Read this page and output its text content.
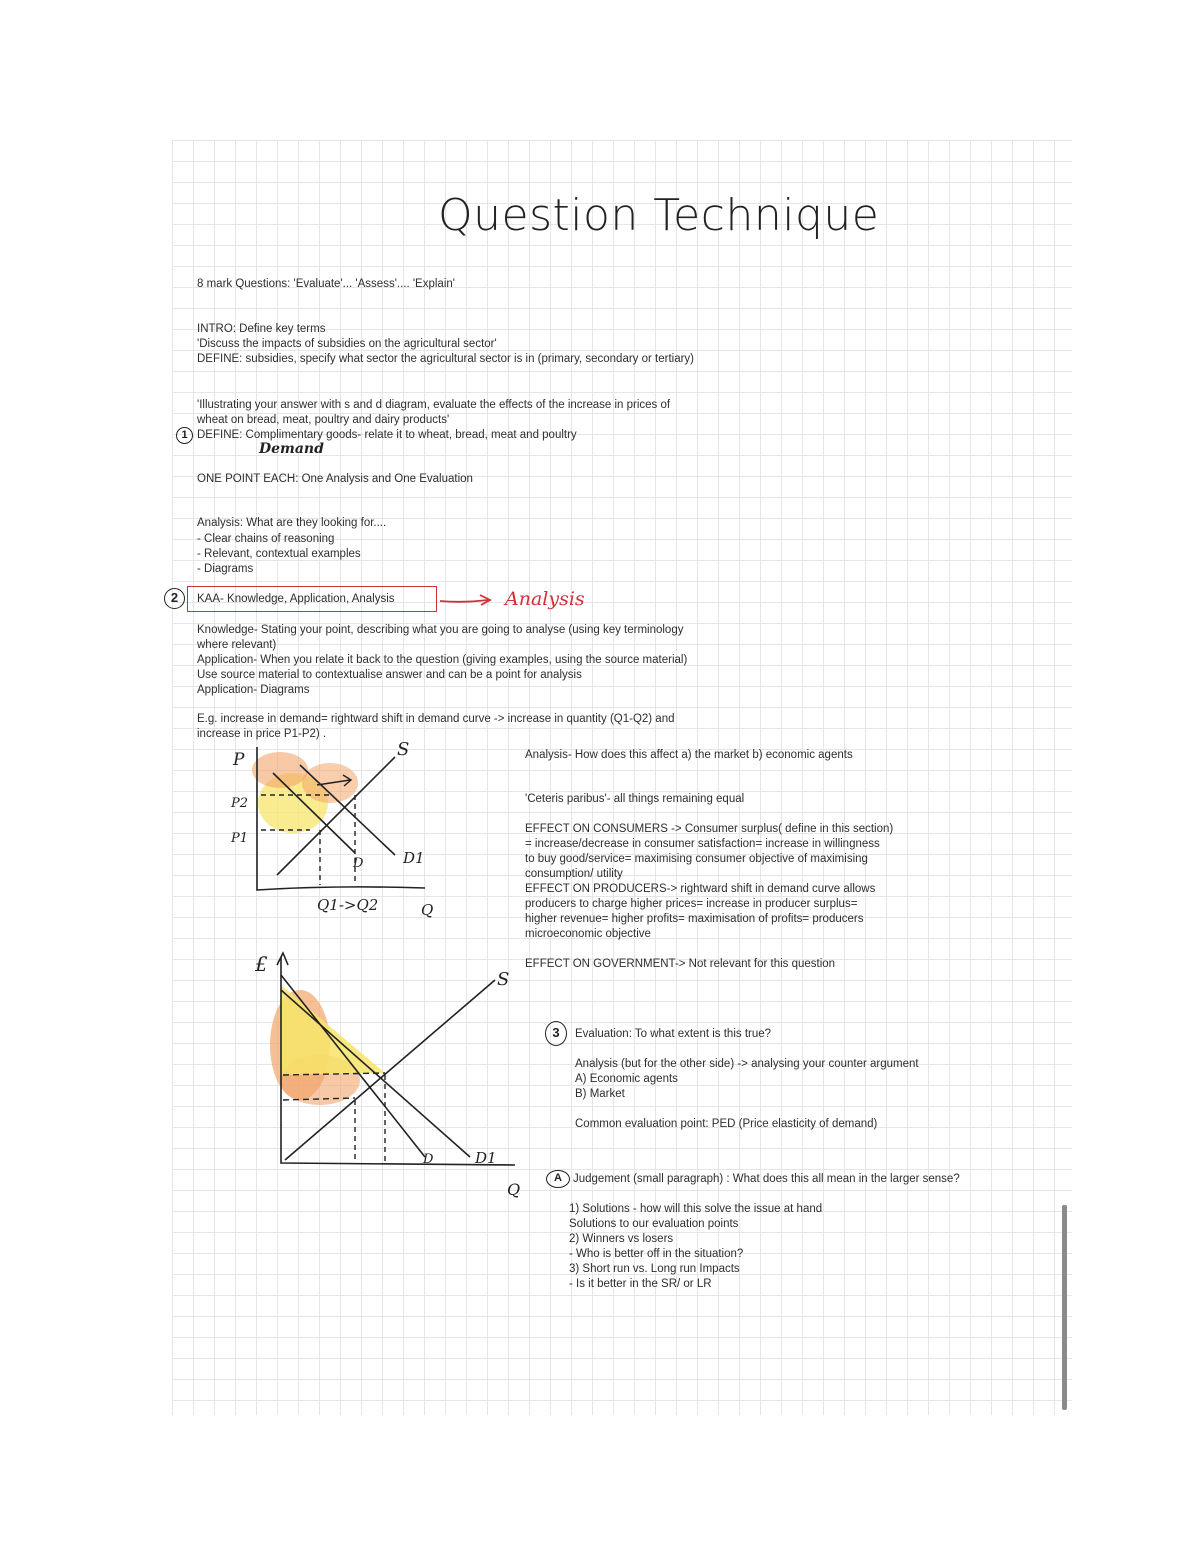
Question Technique
8 mark Questions: 'Evaluate'... 'Assess'.... 'Explain'
INTRO: Define key terms
'Discuss the impacts of subsidies on the agricultural sector'
DEFINE: subsidies, specify what sector the agricultural sector is in (primary, secondary or tertiary)
'Illustrating your answer with s and d diagram, evaluate the effects of the increase in prices of
wheat on bread, meat, poultry and dairy products'
1 DEFINE: Complimentary goods- relate it to wheat, bread, meat and poultry
Demand
ONE POINT EACH: One Analysis and One Evaluation
Analysis: What are they looking for....
- Clear chains of reasoning
- Relevant, contextual examples
- Diagrams
2	KAA- Knowledge, Application, Analysis	Analysis
Knowledge- Stating your point, describing what you are going to analyse (using key terminology
where relevant)
Application- When you relate it back to the question (giving examples, using the source material)
Use source material to contextualise answer and can be a point for analysis
Application- Diagrams
E.g. increase in demand= rightward shift in demand curve -> increase in quantity (Q1-Q2) and
increase in price P1-P2) .
P
P2
P1
S
D	D1
Q1->Q2	Q
£
S
D	D1
Q
Analysis- How does this affect a) the market b) economic agents
'Ceteris paribus'- all things remaining equal
EFFECT ON CONSUMERS -> Consumer surplus( define in this section)
= increase/decrease in consumer satisfaction= increase in willingness
to buy good/service= maximising consumer objective of maximising
consumption/ utility
EFFECT ON PRODUCERS-> rightward shift in demand curve allows
producers to charge higher prices= increase in producer surplus=
higher revenue= higher profits= maximisation of profits= producers
microeconomic objective
EFFECT ON GOVERNMENT-> Not relevant for this question
3	Evaluation: To what extent is this true?
Analysis (but for the other side) -> analysing your counter argument
A) Economic agents
B) Market
Common evaluation point: PED (Price elasticity of demand)
A Judgement (small paragraph) : What does this all mean in the larger sense?
1) Solutions - how will this solve the issue at hand
Solutions to our evaluation points
2) Winners vs losers
- Who is better off in the situation?
3) Short run vs. Long run Impacts
- Is it better in the SR/ or LR
